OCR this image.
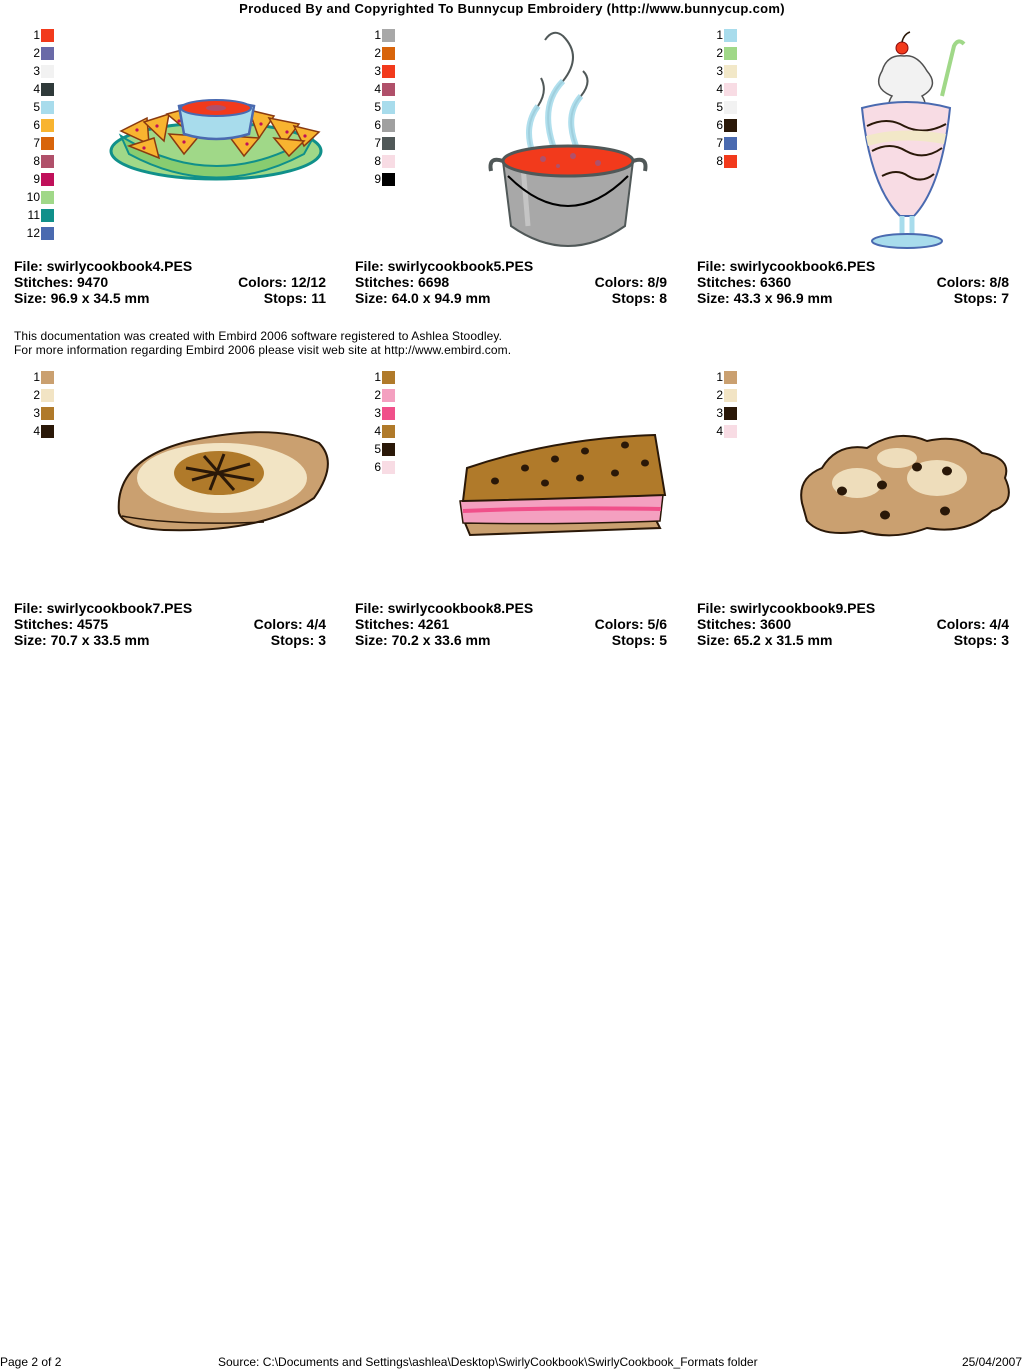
Produced By and Copyrighted To Bunnycup Embroidery (http://www.bunnycup.com)
1
2
3
4
5
6
7
8
9
10
11
12
File: swirlycookbook4.PES
Stitches: 9470	Colors: 12/12
Size: 96.9 x 34.5 mm	Stops: 11
1
2
3
4
5
6
7
8
9
File: swirlycookbook5.PES
Stitches: 6698	Colors: 8/9
Size: 64.0 x 94.9 mm	Stops: 8
1
2
3
4
5
6
7
8
File: swirlycookbook6.PES
Stitches: 6360	Colors: 8/8
Size: 43.3 x 96.9 mm	Stops: 7
This documentation was created with Embird 2006 software registered to Ashlea Stoodley.
For more information regarding Embird 2006 please visit web site at http://www.embird.com.
1
2
3
4
File: swirlycookbook7.PES
Stitches: 4575	Colors: 4/4
Size: 70.7 x 33.5 mm	Stops: 3
1
2
3
4
5
6
File: swirlycookbook8.PES
Stitches: 4261	Colors: 5/6
Size: 70.2 x 33.6 mm	Stops: 5
1
2
3
4
File: swirlycookbook9.PES
Stitches: 3600	Colors: 4/4
Size: 65.2 x 31.5 mm	Stops: 3
Page 2 of 2	Source: C:\Documents and Settings\ashlea\Desktop\SwirlyCookbook\SwirlyCookbook_Formats folder	25/04/2007
